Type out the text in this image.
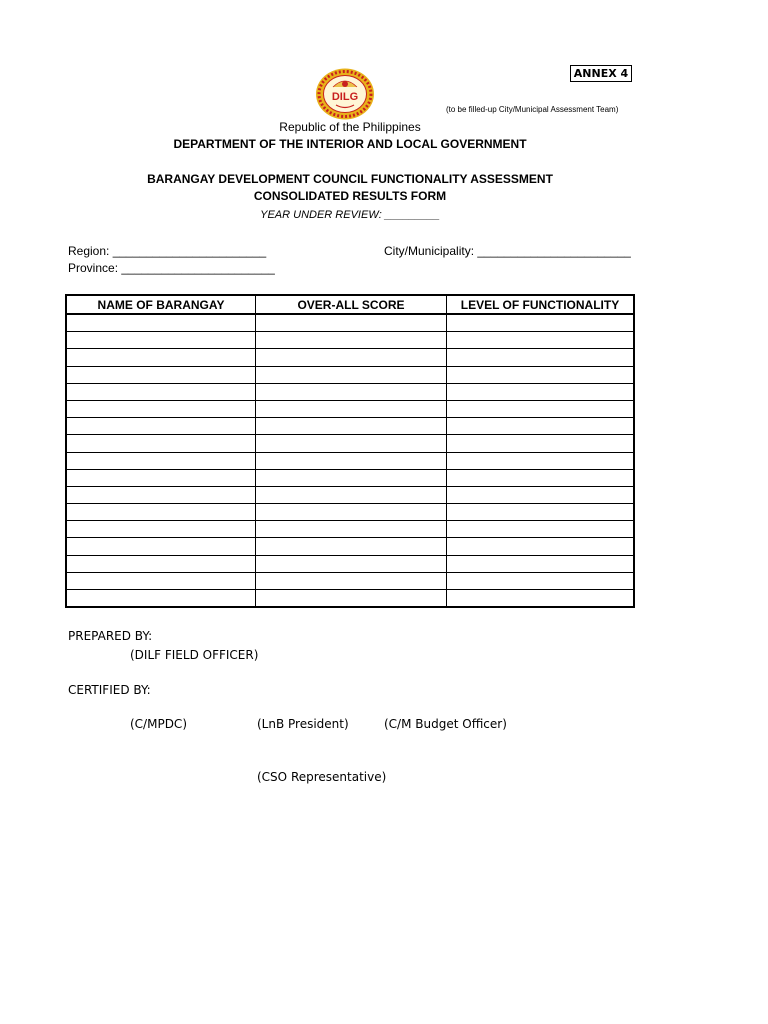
ANNEX 4
(to be filled-up City/Municipal Assessment Team)
DILG
Republic of the Philippines
DEPARTMENT OF THE INTERIOR AND LOCAL GOVERNMENT
BARANGAY DEVELOPMENT COUNCIL FUNCTIONALITY ASSESSMENT
CONSOLIDATED RESULTS FORM
YEAR UNDER REVIEW: _________
Region: _______________________	City/Municipality: _______________________
Province: _______________________
NAME OF BARANGAY	OVER-ALL SCORE	LEVEL OF FUNCTIONALITY

PREPARED BY:
(DILF FIELD OFFICER)
CERTIFIED BY:
(C/MPDC)	(LnB President)	(C/M Budget Officer)
(CSO Representative)
